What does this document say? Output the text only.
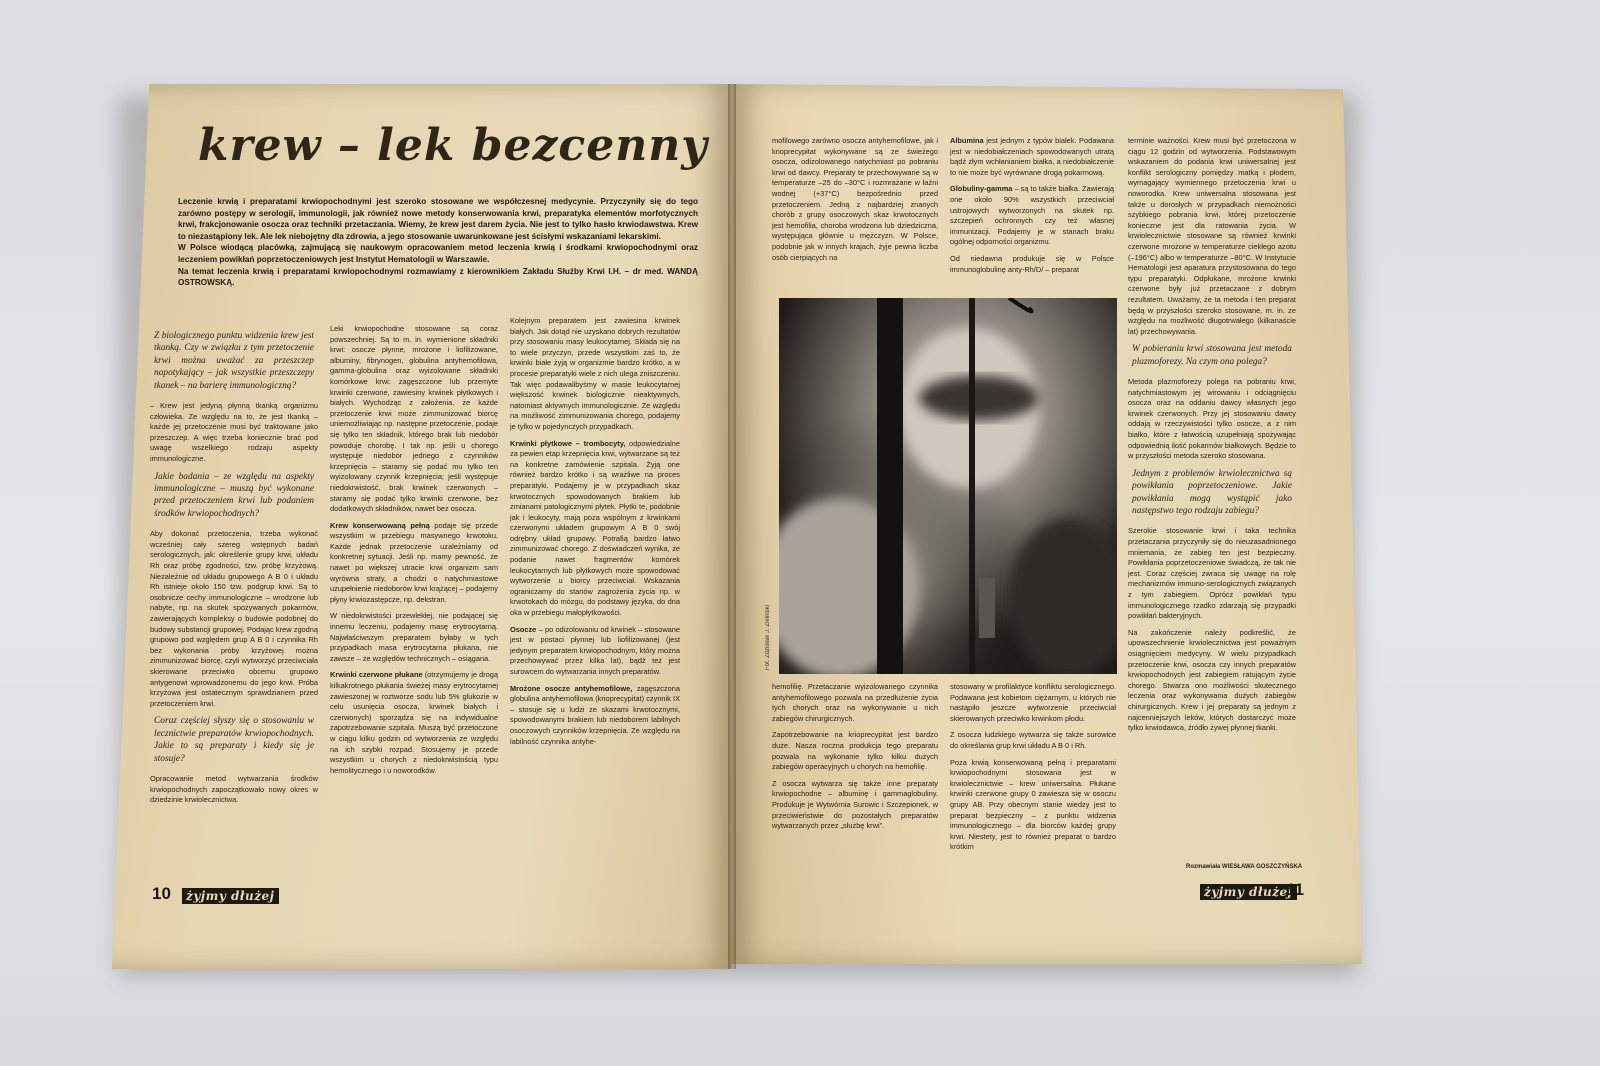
krew – lek bezcenny

Leczenie krwią i preparatami krwiopochodnymi jest szeroko stosowane we współczesnej medycynie. Przyczyniły się do tego zarówno postępy w serologii, immunologii, jak również nowe metody konserwowania krwi, preparatyka elementów morfotycznych krwi, frakcjonowanie osocza oraz techniki przetaczania. Wiemy, że krew jest darem życia. Nie jest to tylko hasło krwiodawstwa. Krew to niezastąpiony lek. Ale lek niebojętny dla zdrowia, a jego stosowanie uwarunkowane jest ścisłymi wskazaniami lekarskimi.

W Polsce wiodącą placówką, zajmującą się naukowym opracowaniem metod leczenia krwią i środkami krwiopochodnymi oraz leczeniem powikłań poprzetoczeniowych jest Instytut Hematologii w Warszawie.

Na temat leczenia krwią i preparatami krwiopochodnymi rozmawiamy z kierownikiem Zakładu Służby Krwi I.H. – dr med. WANDĄ OSTROWSKĄ.

Z biologicznego punktu widzenia krew jest tkanką. Czy w związku z tym przetoczenie krwi można uważać za przeszczep napotykający – jak wszystkie przeszczepy tkanek – na barierę immunologiczną?

– Krew jest jedyną płynną tkanką organizmu człowieka. Ze względu na to, że jest tkanką – każde jej przetoczenie musi być traktowane jako przeszczep. A więc trzeba koniecznie brać pod uwagę wszelkiego rodzaju aspekty immunologiczne.

Jakie badania – ze względu na aspekty immunologiczne – muszą być wykonane przed przetoczeniem krwi lub podaniem środków krwiopochodnych?

Aby dokonać przetoczenia, trzeba wykonać wcześniej cały szereg wstępnych badań serologicznych, jak: określenie grupy krwi, układu Rh oraz próbę zgodności, tzw. próbę krzyżową. Niezależnie od układu grupowego A B 0 i układu Rh istnieje około 150 tzw. podgrup krwi. Są to osobnicze cechy immunologiczne – wrodzone lub nabyte, np. na skutek spożywanych pokarmów, zawierających kompleksy o budowie podobnej do budowy substancji grupowej. Podając krew zgodną grupowo pod względem grup A B 0 i czynnika Rh bez wykonania próby krzyżowej można zimmunizować biorcę, czyli wytworzyć przeciwciała skierowane przeciwko obcemu grupowo antygenowi wprowadzonemu do jego krwi. Próba krzyżowa jest ostatecznym sprawdzianem przed przetoczeniem krwi.

Coraz częściej słyszy się o stosowaniu w lecznictwie preparatów krwiopochodnych. Jakie to są preparaty i kiedy się je stosuje?

Opracowanie metod wytwarzania środków krwiopochodnych zapoczątkowało nowy okres w dziedzinie krwiolecznictwa.

Leki krwiopochodne stosowane są coraz powszechniej. Są to m. in. wymienione składniki krwi: osocze płynne, mrożone i liofilizowane, albuminy, fibrynogen, globulina antyhemofilowa, gamma-globulina oraz wyizolowane składniki komórkowe krwi: zagęszczone lub przemyte krwinki czerwone, zawiesiny krwinek płytkowych i białych. Wychodząc z założenia, że każde przetoczenie krwi może zimmunizować biorcę uniemożliwiając np. następne przetoczenie, podaje się tylko ten składnik, którego brak lub niedobór powoduje chorobę. I tak np. jeśli u chorego występuje niedobór jednego z czynników krzepnięcia – staramy się podać mu tylko ten wyizolowany czynnik krzepnięcia; jeśli występuje niedokrwistość, brak krwinek czerwonych – staramy się podać tylko krwinki czerwone, bez dodatkowych składników, nawet bez osocza.

Krew konserwowaną pełną podaje się przede wszystkim w przebiegu masywnego krwotoku. Każde jednak przetoczenie uzależniamy od konkretnej sytuacji. Jeśli np. mamy pewność, że nawet po większej utracie krwi organizm sam wyrówna straty, a chodzi o natychmiastowe uzupełnienie niedoborów krwi krążącej – podajemy płyny krwiozastępcze, np. dekstran.

W niedokrwistości przewlekłej, nie podającej się innemu leczeniu, podajemy masę erytrocytarną. Najwłaściwszym preparatem byłaby w tych przypadkach masa erytrocytarna płukana, nie zawsze – ze względów technicznych – osiągana.

Krwinki czerwone płukane (otrzymujemy je drogą kilkakrotnego płukania świeżej masy erytrocytarnej zawieszonej w roztworze sodu lub 5% glukozie w celu usunięcia osocza, krwinek białych i czerwonych) sporządza się na indywidualne zapotrzebowanie szpitala. Muszą być przetoczone w ciągu kilku godzin od wytworzenia ze względu na ich szybki rozpad. Stosujemy je przede wszystkim u chorych z niedokrwistością typu hemolitycznego i u noworodków.

Kolejnym preparatem jest zawiesina krwinek białych. Jak dotąd nie uzyskano dobrych rezultatów przy stosowaniu masy leukocytarnej. Składa się na to wiele przyczyn, przede wszystkim zaś to, że krwinki białe żyją w organizmie bardzo krótko, a w procesie preparatyki wiele z nich ulega zniszczeniu. Tak więc podawalibyśmy w masie leukocytarnej większość krwinek biologicznie nieaktywnych, natomiast aktywnych immunologicznie. Ze względu na możliwość zimmunizowania chorego, podajemy je tylko w pojedynczych przypadkach.

Krwinki płytkowe – trombocyty, odpowiedzialne za pewien etap krzepnięcia krwi, wytwarzane są też na konkretne zamówienie szpitala. Żyją one również bardzo krótko i są wrażliwe na proces preparatyki. Podajemy je w przypadkach skaz krwotocznych spowodowanych brakiem lub zmianami patologicznymi płytek. Płytki te, podobnie jak i leukocyty, mają poza wspólnym z krwinkami czerwonymi układem grupowym A B 0 swój odrębny układ grupowy. Potrafią bardzo łatwo zimmunizować chorego. Z doświadczeń wynika, że podanie nawet fragmentów komórek leukocytarnych lub płytkowych może spowodować wytworzenie u biorcy przeciwciał. Wskazania ograniczamy do stanów zagrożenia życia np. w krwotokach do mózgu, do podstawy języka, do dna oka w przebiegu małopłytkowości.

Osocze – po odizolowaniu od krwinek – stosowane jest w postaci płynnej lub liofilizowanej (jest jedynym preparatem krwiopochodnym, który można przechowywać przez kilka lat), bądź też jest surowcem do wytwarzania innych preparatów.

Mrożone osocze antyhemofilowe, zagęszczona globulina antyhemofilowa (krioprecypitat) czynnik IX – stosuje się u ludzi ze skazami krwotocznymi, spowodowanymi brakiem lub niedoborem labilnych osoczowych czynników krzepnięcia. Ze względu na labilność czynnika antyhe-

mofilowego zarówno osocza antyhemofilowe, jak i krioprecypitat wykonywane są ze świeżego osocza, odizolowanego natychmiast po pobraniu krwi od dawcy. Preparaty te przechowywane są w temperaturze –25 do –30°C i rozmrażane w łaźni wodnej (+37°C) bezpośrednio przed przetoczeniem. Jedną z najbardziej znanych chorób z grupy osoczowych skaz krwotocznych jest hemofilia, choroba wrodzona lub dziedziczna, występująca głównie u mężczyzn. W Polsce, podobnie jak w innych krajach, żyje pewna liczba osób cierpiących na

Albumina jest jednym z typów białek. Podawana jest w niedobiałczeniach spowodowanych utratą bądź złym wchłanianiem białka, a niedobiałczenie to nie może być wyrównane drogą pokarmową.

Globuliny-gamma – są to także białka. Zawierają one około 90% wszystkich przeciwciał ustrojowych wytworzonych na skutek np. szczepień ochronnych czy też własnej immunizacji. Podajemy je w stanach braku ogólnej odporności organizmu.

Od niedawna produkuje się w Polsce immunoglobulinę anty-Rh/D/ – preparat

terminie ważności. Krew musi być przetoczona w ciągu 12 godzin od wytworzenia. Podstawowym wskazaniem do podania krwi uniwersalnej jest konflikt serologiczny pomiędzy matką i płodem, wymagający wymiennego przetoczenia krwi u noworodka. Krew uniwersalna stosowana jest także u dorosłych w przypadkach niemożności szybkiego pobrania krwi, której przetoczenie konieczne jest dla ratowania życia. W krwiolecznictwie stosowane są również krwinki czerwone mrożone w temperaturze ciekłego azotu (–196°C) albo w temperaturze –80°C. W Instytucie Hematologii jest aparatura przystosowana do tego typu preparatyki. Odpłukane, mrożone krwinki czerwone były już przetaczane z dobrym rezultatem. Uważamy, że ta metoda i ten preparat będą w przyszłości szeroko stosowane, m. in. ze względu na możliwość długotrwałego (kilkanaście lat) przechowywania.

W pobieraniu krwi stosowana jest metoda plazmoforezy. Na czym ona polega?

Metoda plazmoforezy polega na pobraniu krwi, natychmiastowym jej wirowaniu i odciągnięciu osocza oraz na oddaniu dawcy własnych jego krwinek czerwonych. Przy jej stosowaniu dawcy oddają w rzeczywistości tylko osocze, a z nim białko, które z łatwością uzupełniają spożywając odpowiednią ilość pokarmów białkowych. Będzie to w przyszłości metoda szeroko stosowana.

Jednym z problemów krwiolecznictwa są powikłania poprzetoczeniowe. Jakie powikłania mogą wystąpić jako następstwo tego rodzaju zabiegu?

Szerokie stosowanie krwi i taka technika przetaczania przyczyniły się do nieuzasadnionego mniemania, że zabieg ten jest bezpieczny. Powikłania poprzetoczeniowe świadczą, że tak nie jest. Coraz częściej zwraca się uwagę na rolę mechanizmów immuno-serologicznych związanych z tym zabiegiem. Oprócz powikłań typu immunologicznego rzadko zdarzają się przypadki powikłań bakteryjnych.

Na zakończenie należy podkreślić, że upowszechnienie krwiolecznictwa jest poważnym osiągnięciem medycyny. W wielu przypadkach przetoczenie krwi, osocza czy innych preparatów krwiopochodnych jest zabiegiem ratującym życie chorego. Stwarza ono możliwości skutecznego leczenia oraz wykonywania dużych zabiegów chirurgicznych. Krew i jej preparaty są jednym z najcenniejszych leków, których dostarczyć może tylko krwiodawca, źródło żywej płynnej tkanki.

Fot. Zdzisław J. Zieliński

hemofilię. Przetaczanie wyizolowanego czynnika antyhemofilowego pozwala na przedłużenie życia tych chorych oraz na wykonywanie u nich zabiegów chirurgicznych.

Zapotrzebowanie na krioprecypitat jest bardzo duże. Nasza roczna produkcja tego preparatu pozwala na wykonanie tylko kilku dużych zabiegów operacyjnych u chorych na hemofilię.

Z osocza wytwarza się także inne preparaty krwiopochodne – albuminę i gammaglobuliny. Produkuje je Wytwórnia Surowic i Szczepionek, w przeciwieństwie do pozostałych preparatów wytwarzanych przez „służbę krwi”.

stosowany w profilaktyce konfliktu serologicznego. Podawana jest kobietom ciężarnym, u których nie nastąpiło jeszcze wytworzenie przeciwciał skierowanych przeciwko krwinkom płodu.

Z osocza ludzkiego wytwarza się także surowice do określania grup krwi układu A B 0 i Rh.

Poza krwią konserwowaną pełną i preparatami krwiopochodnymi stosowana jest w krwiolecznictwie – krew uniwersalna. Płukane krwinki czerwone grupy 0 zawiesza się w osoczu grupy AB. Przy obecnym stanie wiedzy jest to preparat bezpieczny – z punktu widzenia immunologicznego – dla biorców każdej grupy krwi. Niestety, jest to również preparat o bardzo krótkim

Rozmawiała WIESŁAWA GOSZCZYŃSKA
10	żyjmy dłużej	żyjmy dłużej
11
